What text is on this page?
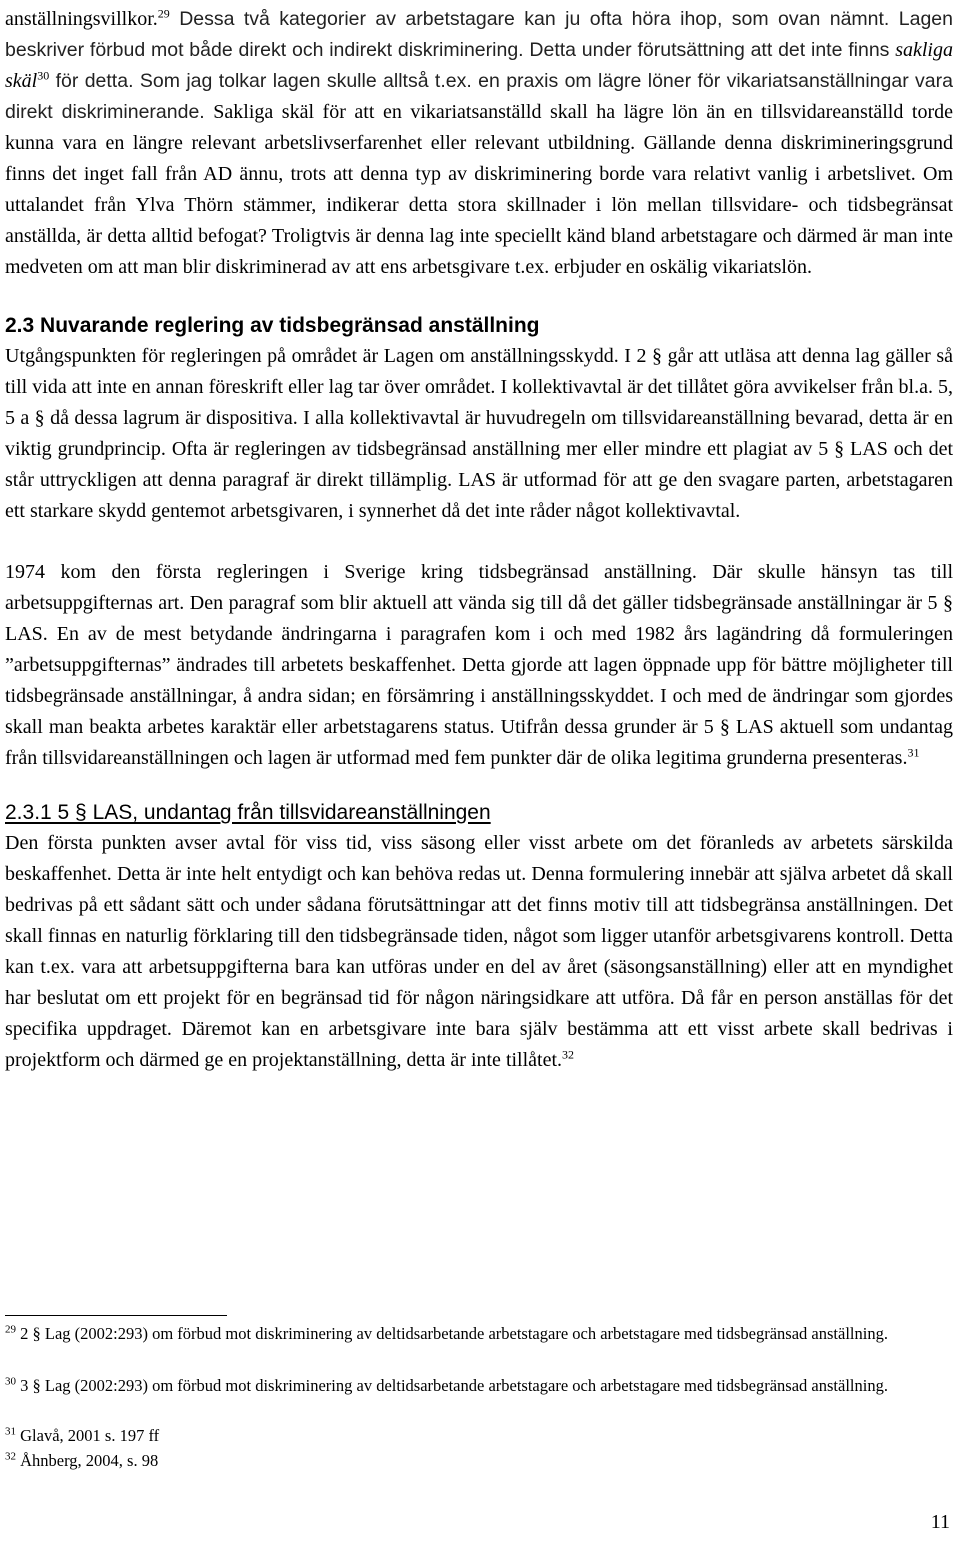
anställningsvillkor.$^{29}$ Dessa två kategorier av arbetstagare kan ju ofta höra ihop, som ovan nämnt. Lagen beskriver förbud mot både direkt och indirekt diskriminering. Detta under förutsättning att det inte finns sakliga skäl$^{30}$ för detta. Som jag tolkar lagen skulle alltså t.ex. en praxis om lägre löner för vikariatsanställningar vara direkt diskriminerande. Sakliga skäl för att en vikariatsanställd skall ha lägre lön än en tillsvidareanställd torde kunna vara en längre relevant arbetslivserfarenhet eller relevant utbildning. Gällande denna diskrimineringsgrund finns det inget fall från AD ännu, trots att denna typ av diskriminering borde vara relativt vanlig i arbetslivet. Om uttalandet från Ylva Thörn stämmer, indikerar detta stora skillnader i lön mellan tillsvidare- och tidsbegränsat anställda, är detta alltid befogat? Troligtvis är denna lag inte speciellt känd bland arbetstagare och därmed är man inte medveten om att man blir diskriminerad av att ens arbetsgivare t.ex. erbjuder en oskälig vikariatslön.

2.3 Nuvarande reglering av tidsbegränsad anställning

Utgångspunkten för regleringen på området är Lagen om anställningsskydd. I 2 § går att utläsa att denna lag gäller så till vida att inte en annan föreskrift eller lag tar över området. I kollektivavtal är det tillåtet göra avvikelser från bl.a. 5, 5 a § då dessa lagrum är dispositiva. I alla kollektivavtal är huvudregeln om tillsvidareanställning bevarad, detta är en viktig grundprincip. Ofta är regleringen av tidsbegränsad anställning mer eller mindre ett plagiat av 5 § LAS och det står uttryckligen att denna paragraf är direkt tillämplig. LAS är utformad för att ge den svagare parten, arbetstagaren ett starkare skydd gentemot arbetsgivaren, i synnerhet då det inte råder något kollektivavtal.

1974 kom den första regleringen i Sverige kring tidsbegränsad anställning. Där skulle hänsyn tas till arbetsuppgifternas art. Den paragraf som blir aktuell att vända sig till då det gäller tidsbegränsade anställningar är 5 § LAS. En av de mest betydande ändringarna i paragrafen kom i och med 1982 års lagändring då formuleringen ”arbetsuppgifternas” ändrades till arbetets beskaffenhet. Detta gjorde att lagen öppnade upp för bättre möjligheter till tidsbegränsade anställningar, å andra sidan; en försämring i anställningsskyddet. I och med de ändringar som gjordes skall man beakta arbetes karaktär eller arbetstagarens status. Utifrån dessa grunder är 5 § LAS aktuell som undantag från tillsvidareanställningen och lagen är utformad med fem punkter där de olika legitima grunderna presenteras.$^{31}$

2.3.1 5 § LAS, undantag från tillsvidareanställningen

Den första punkten avser avtal för viss tid, viss säsong eller visst arbete om det föranleds av arbetets särskilda beskaffenhet. Detta är inte helt entydigt och kan behöva redas ut. Denna formulering innebär att själva arbetet då skall bedrivas på ett sådant sätt och under sådana förutsättningar att det finns motiv till att tidsbegränsa anställningen. Det skall finnas en naturlig förklaring till den tidsbegränsade tiden, något som ligger utanför arbetsgivarens kontroll. Detta kan t.ex. vara att arbetsuppgifterna bara kan utföras under en del av året (säsongsanställning) eller att en myndighet har beslutat om ett projekt för en begränsad tid för någon näringsidkare att utföra. Då får en person anställas för det specifika uppdraget. Däremot kan en arbetsgivare inte bara själv bestämma att ett visst arbete skall bedrivas i projektform och därmed ge en projektanställning, detta är inte tillåtet.$^{32}$

$^{29}$ 2 § Lag (2002:293) om förbud mot diskriminering av deltidsarbetande arbetstagare och arbetstagare med tidsbegränsad anställning.

$^{30}$ 3 § Lag (2002:293) om förbud mot diskriminering av deltidsarbetande arbetstagare och arbetstagare med tidsbegränsad anställning.

$^{31}$ Glavå, 2001 s. 197 ff

$^{32}$ Åhnberg, 2004, s. 98

11
